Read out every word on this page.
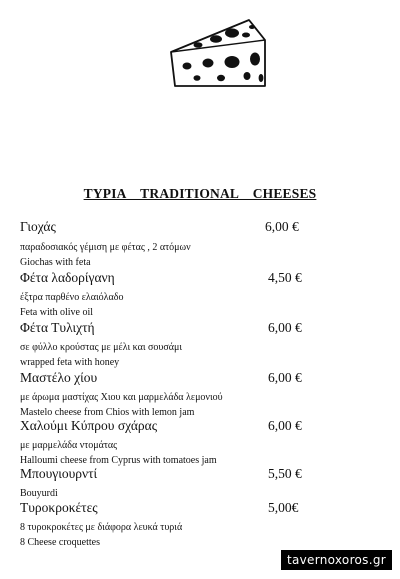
ΤΥΡΙΑ    TRADITIONAL    CHEESES
Γιοχάς	6,00 €
παραδοσιακός γέμιση με φέτας , 2 ατόμων
Giochas with feta
Φέτα λαδορίγανη	4,50 €
έξτρα παρθένο ελαιόλαδο
Feta with olive oil
Φέτα Τυλιχτή	6,00 €
σε φύλλο κρούστας με μέλι και σουσάμι
wrapped feta with honey
Μαστέλο χίου	6,00 €
με άρωμα μαστίχας Χιου και μαρμελάδα λεμονιού
Mastelo cheese from Chios with lemon jam
Χαλούμι Κύπρου σχάρας	6,00 €
με μαρμελάδα ντομάτας
Halloumi cheese from Cyprus with tomatoes jam
Μπουγιουρντί	5,50 €
Bouyurdi
Τυροκροκέτες	5,00€
8 τυροκροκέτες με διάφορα λευκά τυριά
8 Cheese croquettes
tavernoxoros.gr
